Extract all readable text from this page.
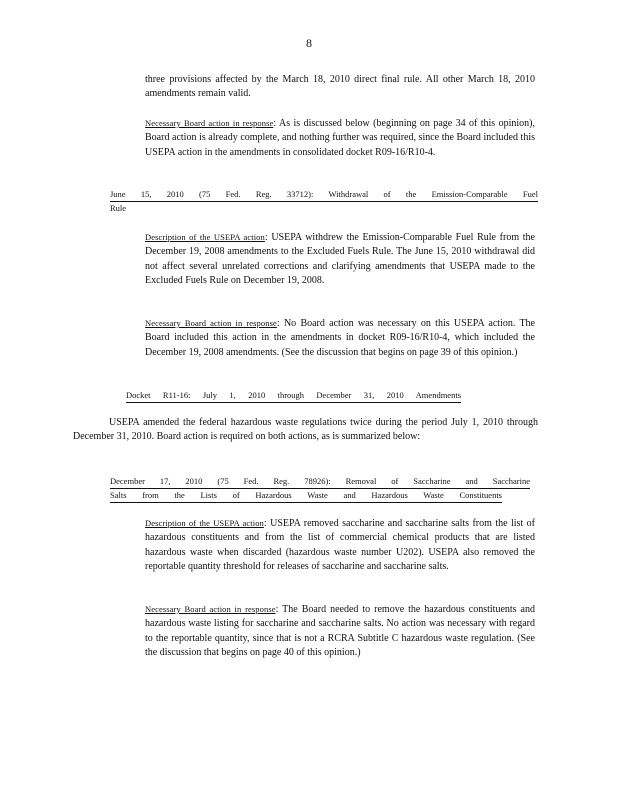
8
three provisions affected by the March 18, 2010 direct final rule. All other March 18, 2010 amendments remain valid.
Necessary Board action in response: As is discussed below (beginning on page 34 of this opinion), Board action is already complete, and nothing further was required, since the Board included this USEPA action in the amendments in consolidated docket R09-16/R10-4.
June 15, 2010 (75 Fed. Reg. 33712): Withdrawal of the Emission-Comparable Fuel
Rule
Description of the USEPA action: USEPA withdrew the Emission-Comparable Fuel Rule from the December 19, 2008 amendments to the Excluded Fuels Rule. The June 15, 2010 withdrawal did not affect several unrelated corrections and clarifying amendments that USEPA made to the Excluded Fuels Rule on December 19, 2008.
Necessary Board action in response: No Board action was necessary on this USEPA action. The Board included this action in the amendments in docket R09-16/R10-4, which included the December 19, 2008 amendments. (See the discussion that begins on page 39 of this opinion.)
Docket R11-16: July 1, 2010 through December 31, 2010 Amendments
USEPA amended the federal hazardous waste regulations twice during the period July 1, 2010 through December 31, 2010. Board action is required on both actions, as is summarized below:
December 17, 2010 (75 Fed. Reg. 78926): Removal of Saccharine and Saccharine
Salts from the Lists of Hazardous Waste and Hazardous Waste Constituents
Description of the USEPA action: USEPA removed saccharine and saccharine salts from the list of hazardous constituents and from the list of commercial chemical products that are listed hazardous waste when discarded (hazardous waste number U202). USEPA also removed the reportable quantity threshold for releases of saccharine and saccharine salts.
Necessary Board action in response: The Board needed to remove the hazardous constituents and hazardous waste listing for saccharine and saccharine salts. No action was necessary with regard to the reportable quantity, since that is not a RCRA Subtitle C hazardous waste regulation. (See the discussion that begins on page 40 of this opinion.)
